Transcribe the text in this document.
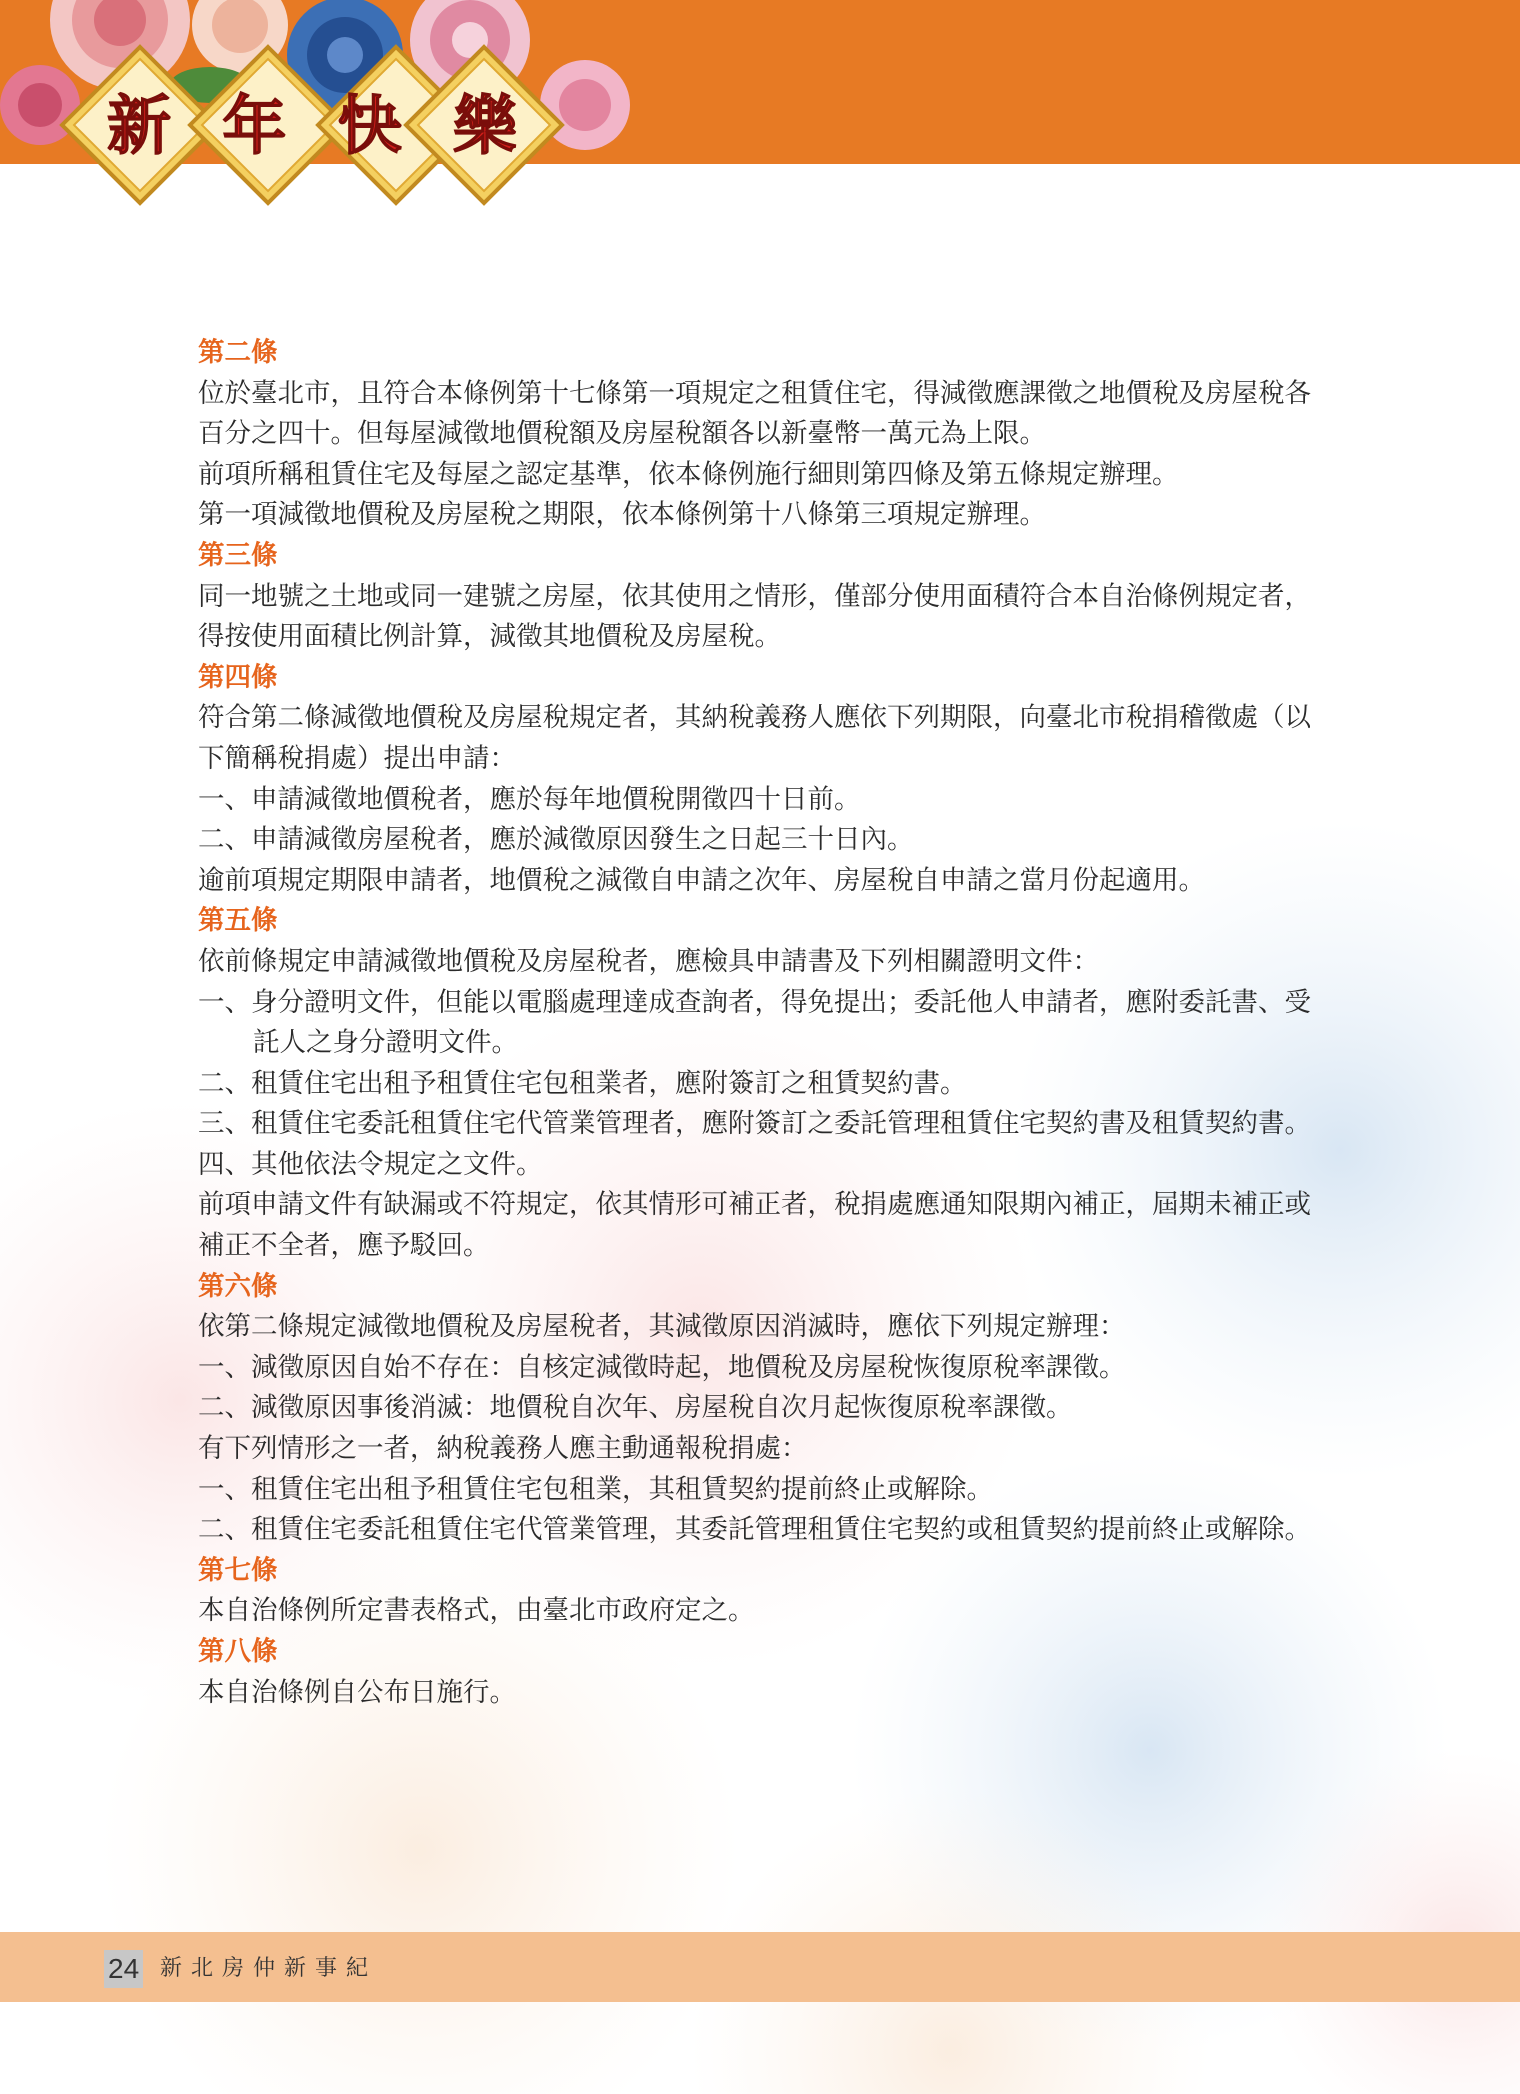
新年快樂
第二條
位於臺北市，且符合本條例第十七條第一項規定之租賃住宅，得減徵應課徵之地價稅及房屋稅各
百分之四十。但每屋減徵地價稅額及房屋稅額各以新臺幣一萬元為上限。
前項所稱租賃住宅及每屋之認定基準，依本條例施行細則第四條及第五條規定辦理。
第一項減徵地價稅及房屋稅之期限，依本條例第十八條第三項規定辦理。
第三條
同一地號之土地或同一建號之房屋，依其使用之情形，僅部分使用面積符合本自治條例規定者，
得按使用面積比例計算，減徵其地價稅及房屋稅。
第四條
符合第二條減徵地價稅及房屋稅規定者，其納稅義務人應依下列期限，向臺北市稅捐稽徵處（以
下簡稱稅捐處）提出申請：
一、申請減徵地價稅者，應於每年地價稅開徵四十日前。
二、申請減徵房屋稅者，應於減徵原因發生之日起三十日內。
逾前項規定期限申請者，地價稅之減徵自申請之次年、房屋稅自申請之當月份起適用。
第五條
依前條規定申請減徵地價稅及房屋稅者，應檢具申請書及下列相關證明文件：
一、身分證明文件，但能以電腦處理達成查詢者，得免提出；委託他人申請者，應附委託書、受
託人之身分證明文件。
二、租賃住宅出租予租賃住宅包租業者，應附簽訂之租賃契約書。
三、租賃住宅委託租賃住宅代管業管理者，應附簽訂之委託管理租賃住宅契約書及租賃契約書。
四、其他依法令規定之文件。
前項申請文件有缺漏或不符規定，依其情形可補正者，稅捐處應通知限期內補正，屆期未補正或
補正不全者，應予駁回。
第六條
依第二條規定減徵地價稅及房屋稅者，其減徵原因消滅時，應依下列規定辦理：
一、減徵原因自始不存在：自核定減徵時起，地價稅及房屋稅恢復原稅率課徵。
二、減徵原因事後消滅：地價稅自次年、房屋稅自次月起恢復原稅率課徵。
有下列情形之一者，納稅義務人應主動通報稅捐處：
一、租賃住宅出租予租賃住宅包租業，其租賃契約提前終止或解除。
二、租賃住宅委託租賃住宅代管業管理，其委託管理租賃住宅契約或租賃契約提前終止或解除。
第七條
本自治條例所定書表格式，由臺北市政府定之。
第八條
本自治條例自公布日施行。
24 新北房仲新事紀
